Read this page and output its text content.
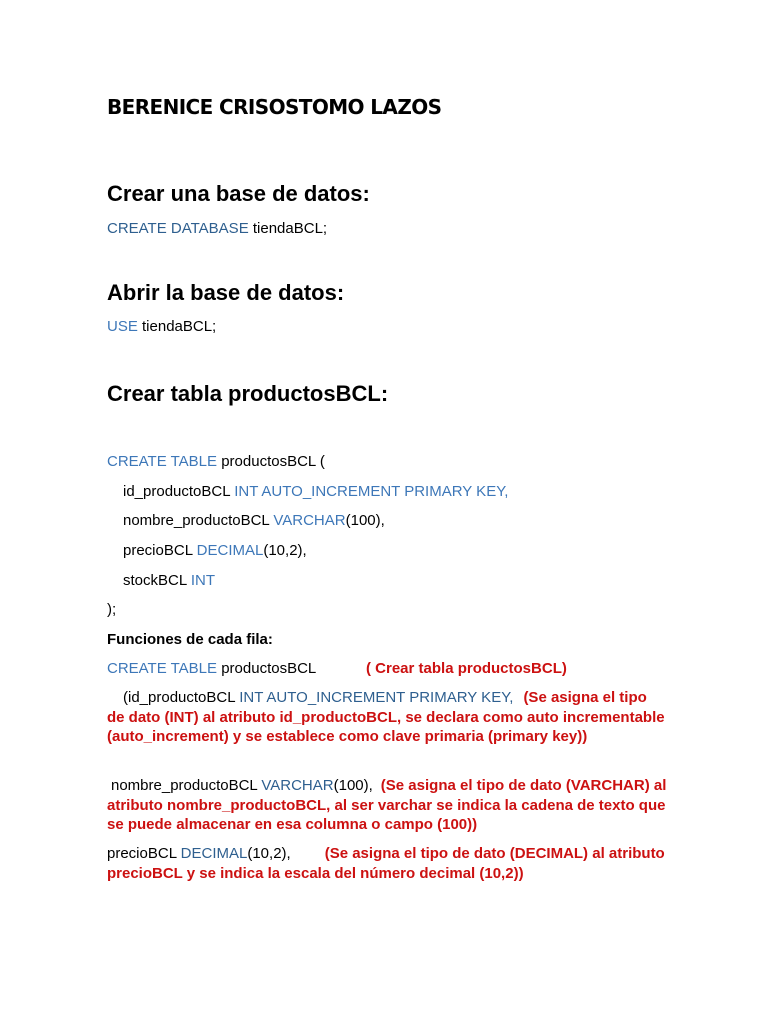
BERENICE CRISOSTOMO LAZOS
Crear una base de datos:
CREATE DATABASE tiendaBCL;
Abrir la base de datos:
USE tiendaBCL;
Crear tabla productosBCL:
CREATE TABLE productosBCL (
id_productoBCL INT AUTO_INCREMENT PRIMARY KEY,
nombre_productoBCL VARCHAR(100),
precioBCL DECIMAL(10,2),
stockBCL INT
);
Funciones de cada fila:
CREATE TABLE productosBCL	( Crear tabla productosBCL)
(id_productoBCL INT AUTO_INCREMENT PRIMARY KEY, (Se asigna el tipo de dato (INT) al atributo id_productoBCL, se declara como auto incrementable (auto_increment) y se establece como clave primaria (primary key))
nombre_productoBCL VARCHAR(100), (Se asigna el tipo de dato (VARCHAR) al atributo nombre_productoBCL, al ser varchar se indica la cadena de texto que se puede almacenar en esa columna o campo (100))
precioBCL DECIMAL(10,2), (Se asigna el tipo de dato (DECIMAL) al atributo precioBCL y se indica la escala del número decimal (10,2))
